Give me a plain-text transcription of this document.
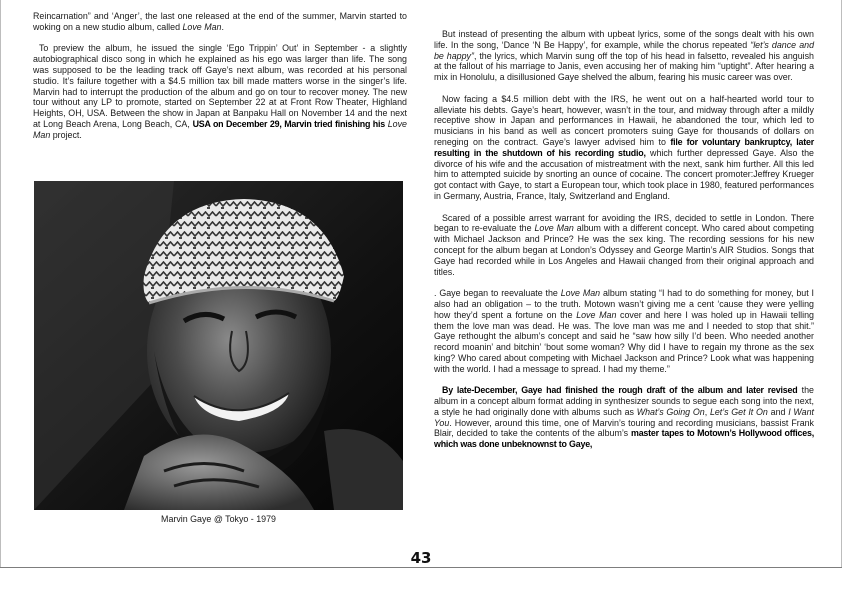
Reincarnation” and ‘Anger’, the last one released at the end of the summer, Marvin started to woking on a new studio album, called Love Man.

To preview the album, he issued the single ‘Ego Trippin’ Out’ in September - a slightly autobiographical disco song in which he explained as his ego was larger than life. The song was supposed to be the leading track off Gaye’s next album, was recorded at his personal studio. It’s failure together with a $4.5 million tax bill made matters worse in the singer’s life. Marvin had to interrupt the production of the album and go on tour to recover money. The new tour without any LP to promote, started on September 22 at at Front Row Theater, Highland Heights, OH, USA. Between the show in Japan at Banpaku Hall on November 14 and the next at Long Beach Arena, Long Beach, CA, USA on December 29, Marvin tried finishing his Love Man project.

Marvin Gaye @ Tokyo - 1979

But instead of presenting the album with upbeat lyrics, some of the songs dealt with his own life. In the song, ‘Dance ‘N Be Happy’, for example, while the chorus repeated “let’s dance and be happy”, the lyrics, which Marvin sung off the top of his head in falsetto, revealed his anguish at the fallout of his marriage to Janis, even accusing her of making him “uptight”. After hearing a mix in Honolulu, a disillusioned Gaye shelved the album, fearing his music career was over.

Now facing a $4.5 million debt with the IRS, he went out on a half-hearted world tour to alleviate his debts. Gaye’s heart, however, wasn’t in the tour, and midway through after a mildly receptive show in Japan and performances in Hawaii, he abandoned the tour, which led to musicians in his band as well as concert promoters suing Gaye for thousands of dollars on reneging on the contract. Gaye’s lawyer advised him to file for voluntary bankruptcy, later resulting in the shutdown of his recording studio, which further depressed Gaye. Also the divorce of his wife and the accusation of mistreatment with the next, sank him further. All this led him to attempted suicide by snorting an ounce of cocaine. The concert promoter:Jeffrey Krueger got contact with Gaye, to start a European tour, which took place in 1980, featured performances in Germany, Austria, France, Italy, Switzerland and England.

Scared of a possible arrest warrant for avoiding the IRS, decided to settle in London. There began to re-evaluate the Love Man album with a different concept. Who cared about competing with Michael Jackson and Prince? He was the sex king. The recording sessions for his new concept for the album began at London’s Odyssey and George Martin’s AIR Studios. Songs that Gaye had recorded while in Los Angeles and Hawaii changed from their original approach and titles.

. Gaye began to reevaluate the Love Man album stating “I had to do something for money, but I also had an obligation – to the truth. Motown wasn’t giving me a cent ‘cause they were yelling how they’d spent a fortune on the Love Man cover and here I was holed up in Hawaii telling them the love man was dead. He was. The love man was me and I needed to stop that shit.” Gaye rethought the album’s concept and said he “saw how silly I’d been. Who needed another record moanin’ and bitchin’ ‘bout some woman? Why did I have to regain my throne as the sex king? Who cared about competing with Michael Jackson and Prince? Look what was happening with the world. I had a message to spread. I had my theme.”

By late-December, Gaye had finished the rough draft of the album and later revised the album in a concept album format adding in synthesizer sounds to segue each song into the next, a style he had originally done with albums such as What’s Going On, Let’s Get It On and I Want You. However, around this time, one of Marvin’s touring and recording musicians, bassist Frank Blair, decided to take the contents of the album’s master tapes to Motown’s Hollywood offices, which was done unbeknownst to Gaye,

43
